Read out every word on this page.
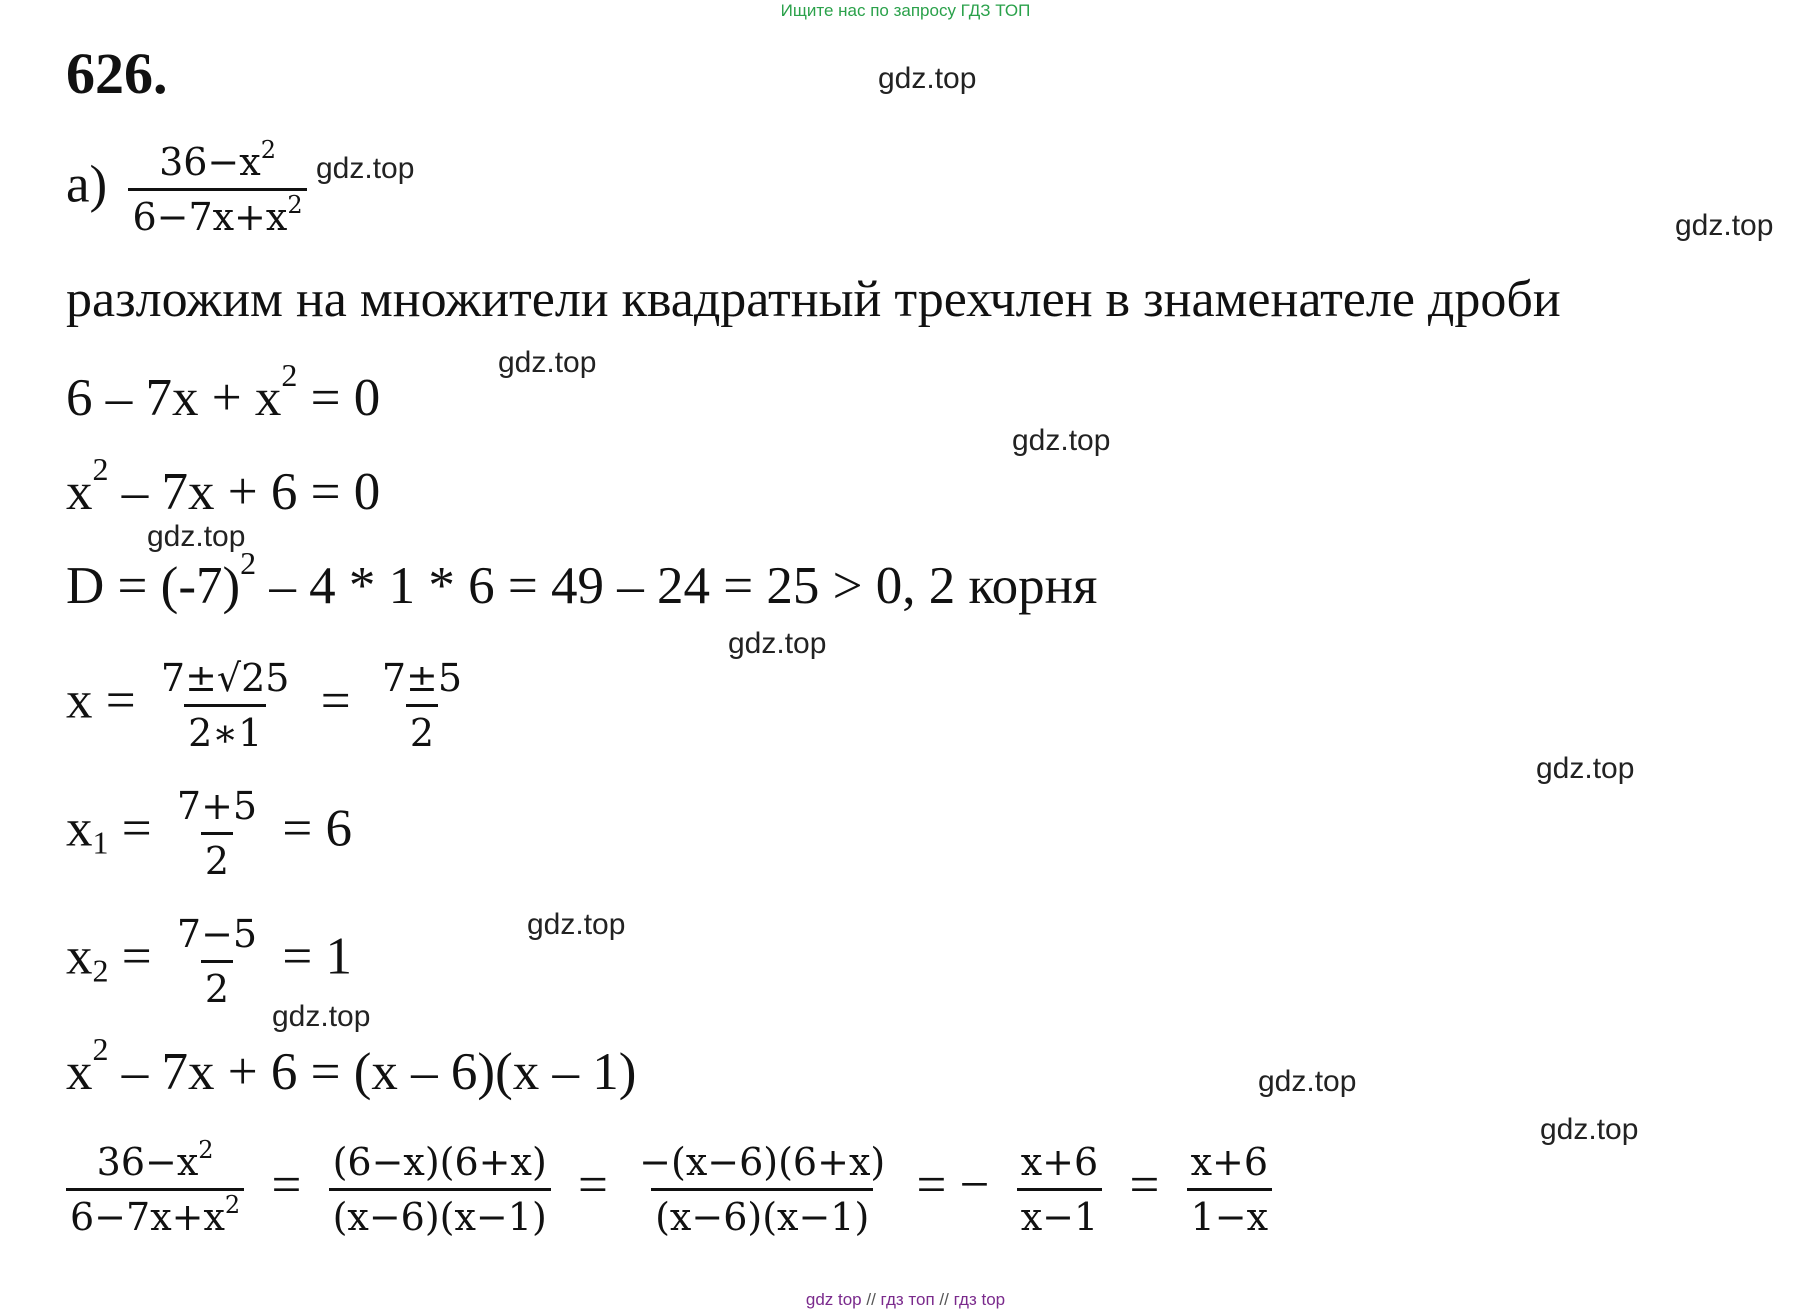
Ищите нас по запросу ГДЗ ТОП
626.	gdz.top
gdz.top
gdz.top
gdz.top
gdz.top
gdz.top
gdz.top
gdz.top
gdz.top
gdz.top
gdz.top
gdz.top
$а) \frac{36-x^2}{6-7x+x^2}$
разложим на множители квадратный трехчлен в знаменателе дроби
$6 - 7x + x^2 = 0$
$x^2 - 7x + 6 = 0$
$D = (-7)^2 - 4 * 1 * 6 = 49 - 24 = 25 > 0$, 2 корня
$x = \frac{7\pm√25}{2∗1} = \frac{7\pm 5}{2}$
$x_1 = \frac{7+5}{2} = 6$
$x_2 = \frac{7-5}{2} = 1$
$x^2 - 7x + 6 = (x - 6)(x - 1)$
$\frac{36-x^2}{6-7x+x^2} = \frac{(6-x)(6+x)}{(x-6)(x-1)} = \frac{-(x-6)(6+x)}{(x-6)(x-1)}$ = − $\frac{x+6}{x-1} = \frac{x+6}{1-x}$
gdz top // гдз топ // гдз top
